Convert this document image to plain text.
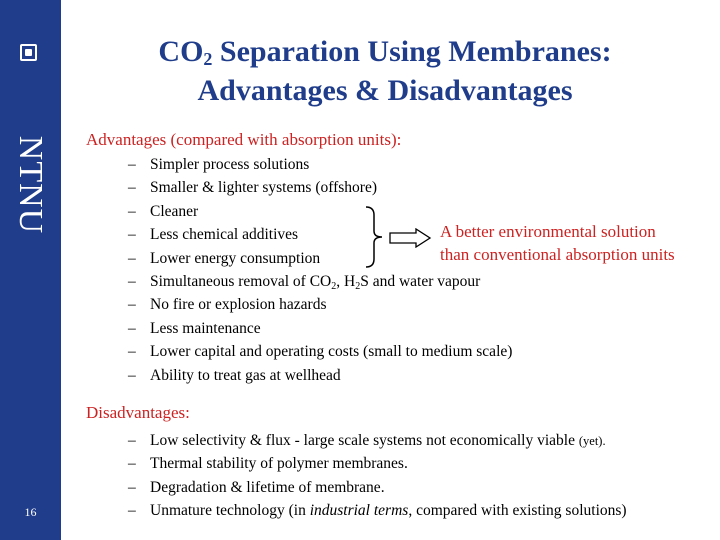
NTNU
16
$CO_2$ Separation Using Membranes:
Advantages & Disadvantages
Advantages (compared with absorption units):
– Simpler process solutions
– Smaller & lighter systems (offshore)
– Cleaner
– Less chemical additives
– Lower energy consumption
– Simultaneous removal of $CO_2$, $H_2S$ and water vapour
– No fire or explosion hazards
– Less maintenance
– Lower capital and operating costs (small to medium scale)
– Ability to treat gas at wellhead
A better environmental solution
than conventional absorption units
Disadvantages:
– Low selectivity & flux - large scale systems not economically viable (yet).
– Thermal stability of polymer membranes.
– Degradation & lifetime of membrane.
– Unmature technology (in industrial terms, compared with existing solutions)
